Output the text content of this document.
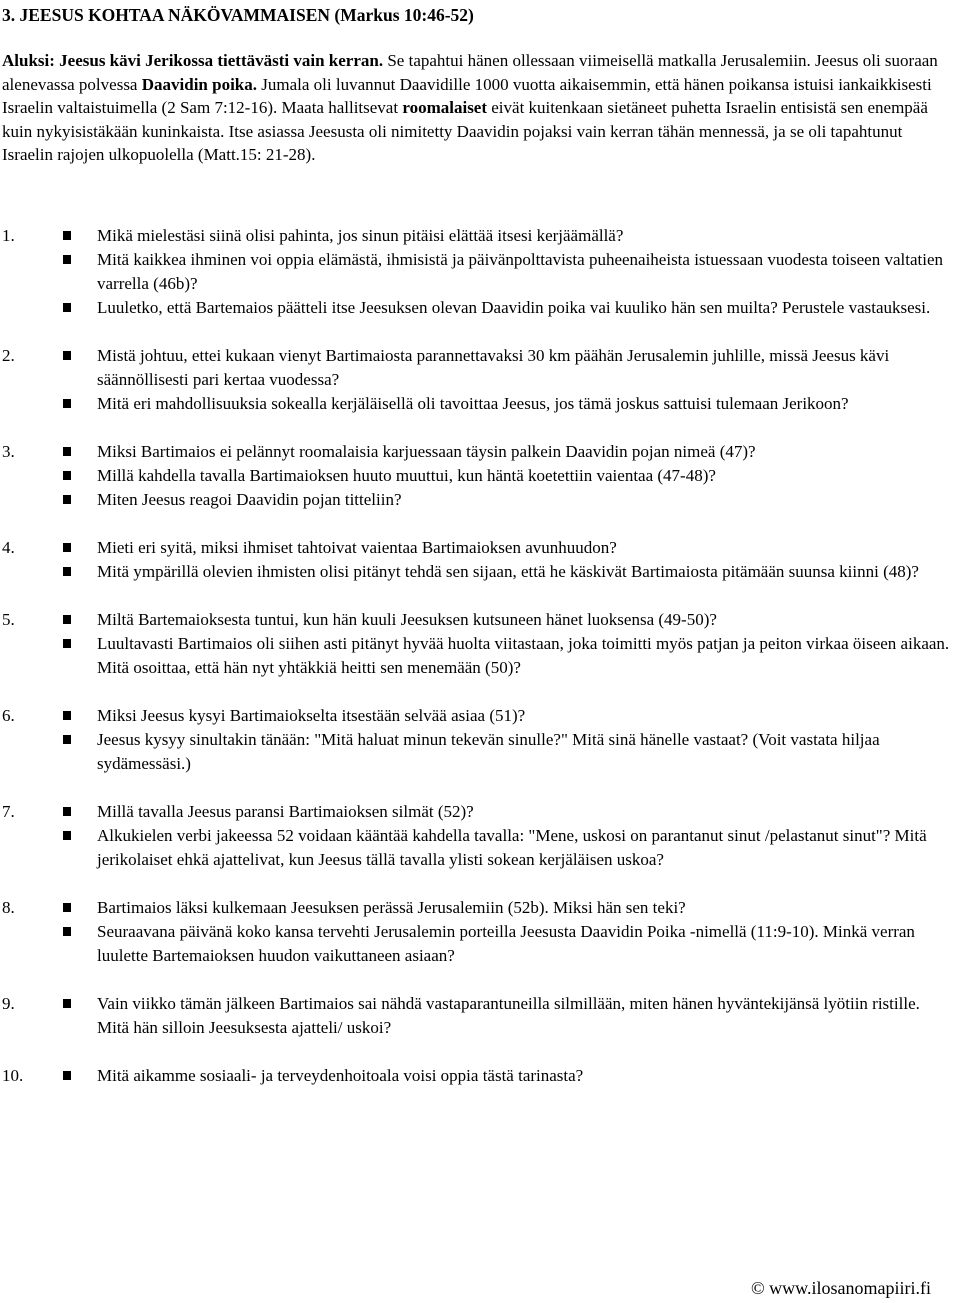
3. JEESUS KOHTAA NÄKÖVAMMAISEN (Markus 10:46-52)

Aluksi: Jeesus kävi Jerikossa tiettävästi vain kerran. Se tapahtui hänen ollessaan viimeisellä matkalla Jerusalemiin. Jeesus oli suoraan alenevassa polvessa Daavidin poika. Jumala oli luvannut Daavidille 1000 vuotta aikaisemmin, että hänen poikansa istuisi iankaikkisesti Israelin valtaistuimella (2 Sam 7:12-16). Maata hallitsevat roomalaiset eivät kuitenkaan sietäneet puhetta Israelin entisistä sen enempää kuin nykyisistäkään kuninkaista. Itse asiassa Jeesusta oli nimitetty Daavidin pojaksi vain kerran tähän mennessä, ja se oli tapahtunut Israelin rajojen ulkopuolella (Matt.15: 21-28).

1.	Mikä mielestäsi siinä olisi pahinta, jos sinun pitäisi elättää itsesi kerjäämällä?
Mitä kaikkea ihminen voi oppia elämästä, ihmisistä ja päivänpolttavista puheenaiheista istuessaan vuodesta toiseen valtatien varrella (46b)?
Luuletko, että Bartemaios päätteli itse Jeesuksen olevan Daavidin poika vai kuuliko hän sen muilta? Perustele vastauksesi.
2.	Mistä johtuu, ettei kukaan vienyt Bartimaiosta parannettavaksi 30 km päähän Jerusalemin juhlille, missä Jeesus kävi säännöllisesti pari kertaa vuodessa?
Mitä eri mahdollisuuksia sokealla kerjäläisellä oli tavoittaa Jeesus, jos tämä joskus sattuisi tulemaan Jerikoon?
3.	Miksi Bartimaios ei pelännyt roomalaisia karjuessaan täysin palkein Daavidin pojan nimeä (47)?
Millä kahdella tavalla Bartimaioksen huuto muuttui, kun häntä koetettiin vaientaa (47-48)?
Miten Jeesus reagoi Daavidin pojan titteliin?
4.	Mieti eri syitä, miksi ihmiset tahtoivat vaientaa Bartimaioksen avunhuudon?
Mitä ympärillä olevien ihmisten olisi pitänyt tehdä sen sijaan, että he käskivät Bartimaiosta pitämään suunsa kiinni (48)?
5.	Miltä Bartemaioksesta tuntui, kun hän kuuli Jeesuksen kutsuneen hänet luoksensa (49-50)?
Luultavasti Bartimaios oli siihen asti pitänyt hyvää huolta viitastaan, joka toimitti myös patjan ja peiton virkaa öiseen aikaan. Mitä osoittaa, että hän nyt yhtäkkiä heitti sen menemään (50)?
6.	Miksi Jeesus kysyi Bartimaiokselta itsestään selvää asiaa (51)?
Jeesus kysyy sinultakin tänään: "Mitä haluat minun tekevän sinulle?" Mitä sinä hänelle vastaat? (Voit vastata hiljaa sydämessäsi.)
7.	Millä tavalla Jeesus paransi Bartimaioksen silmät (52)?
Alkukielen verbi jakeessa 52 voidaan kääntää kahdella tavalla: "Mene, uskosi on parantanut sinut /pelastanut sinut"? Mitä jerikolaiset ehkä ajattelivat, kun Jeesus tällä tavalla ylisti sokean kerjäläisen uskoa?
8.	Bartimaios läksi kulkemaan Jeesuksen perässä Jerusalemiin (52b). Miksi hän sen teki?
Seuraavana päivänä koko kansa tervehti Jerusalemin porteilla Jeesusta Daavidin Poika -nimellä (11:9-10). Minkä verran luulette Bartemaioksen huudon vaikuttaneen asiaan?
9.	Vain viikko tämän jälkeen Bartimaios sai nähdä vastaparantuneilla silmillään, miten hänen hyväntekijänsä lyötiin ristille. Mitä hän silloin Jeesuksesta ajatteli/ uskoi?
10.	Mitä aikamme sosiaali- ja terveydenhoitoala voisi oppia tästä tarinasta?
© www.ilosanomapiiri.fi
